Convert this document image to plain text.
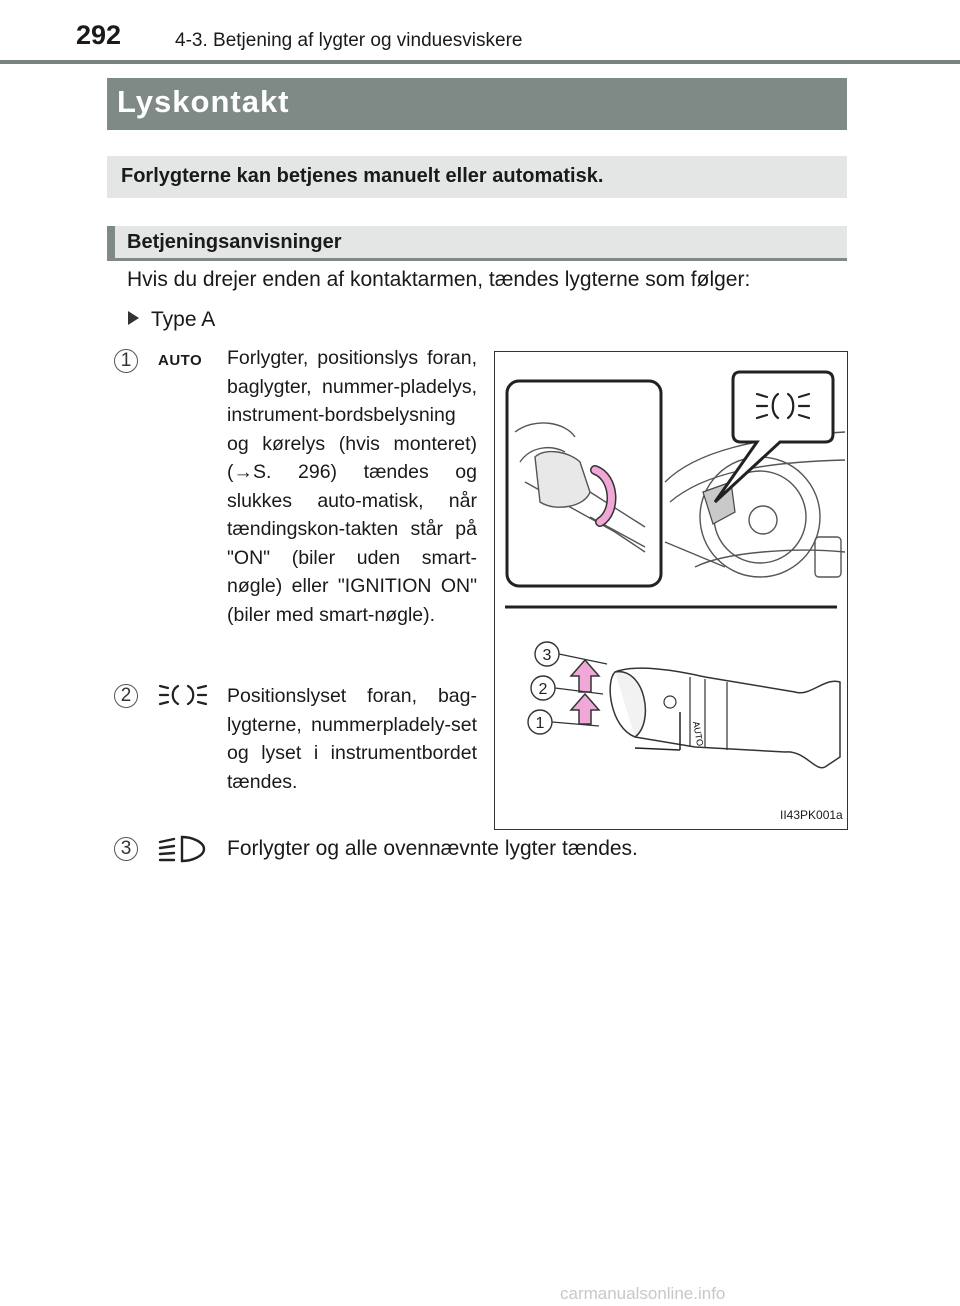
292	4-3. Betjening af lygter og vinduesviskere
Lyskontakt
Forlygterne kan betjenes manuelt eller automatisk.
Betjeningsanvisninger
Hvis du drejer enden af kontaktarmen, tændes lygterne som følger:
Type A
1	AUTO Forlygter, positionslys foran, baglygter, nummer-pladelys, instrument-bordsbelysning og kørelys (hvis monteret) (→S. 296) tændes og slukkes auto-matisk, når tændingskon-takten står på "ON" (biler uden smart-nøgle) eller "IGNITION ON" (biler med smart-nøgle).
2	Positionslyset foran, bag-lygterne, nummerpladely-set og lyset i instrumentbordet tændes.
3	Forlygter og alle ovennævnte lygter tændes.
AUTO
3
2
1
II43PK001a
carmanualsonline.info
